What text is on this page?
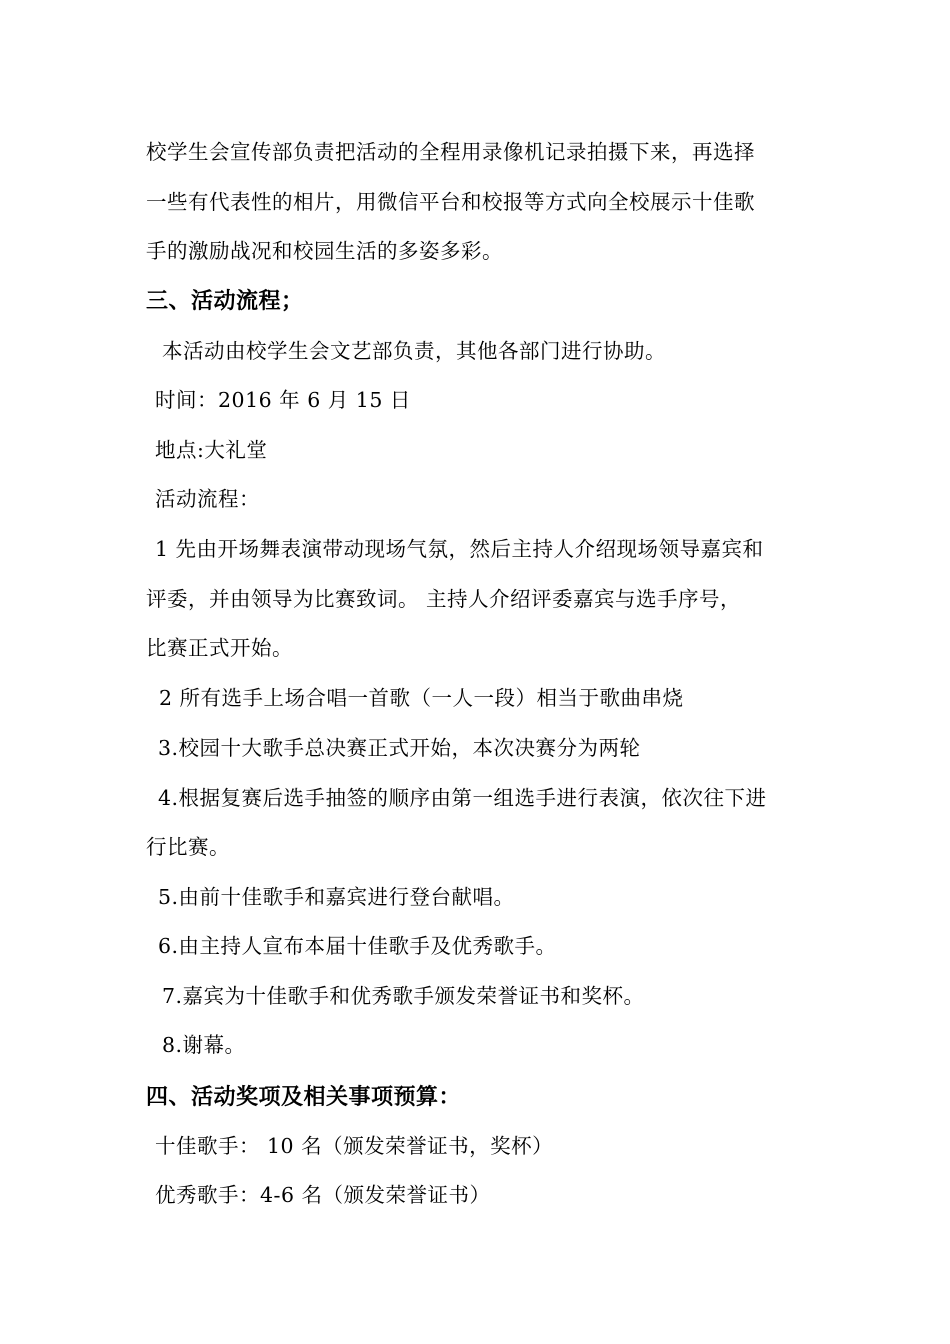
校学生会宣传部负责把活动的全程用录像机记录拍摄下来，再选择
一些有代表性的相片，用微信平台和校报等方式向全校展示十佳歌
手的激励战况和校园生活的多姿多彩。
三、活动流程；
本活动由校学生会文艺部负责，其他各部门进行协助。
时间：2016 年 6 月 15 日
地点:大礼堂
活动流程：
1 先由开场舞表演带动现场气氛，然后主持人介绍现场领导嘉宾和
评委，并由领导为比赛致词。 主持人介绍评委嘉宾与选手序号，
比赛正式开始。
2 所有选手上场合唱一首歌（一人一段）相当于歌曲串烧
3.校园十大歌手总决赛正式开始，本次决赛分为两轮
4.根据复赛后选手抽签的顺序由第一组选手进行表演，依次往下进
行比赛。
5.由前十佳歌手和嘉宾进行登台献唱。
6.由主持人宣布本届十佳歌手及优秀歌手。
7.嘉宾为十佳歌手和优秀歌手颁发荣誉证书和奖杯。
8.谢幕。
四、活动奖项及相关事项预算：
十佳歌手： 10 名（颁发荣誉证书，奖杯）
优秀歌手：4-6 名（颁发荣誉证书）
